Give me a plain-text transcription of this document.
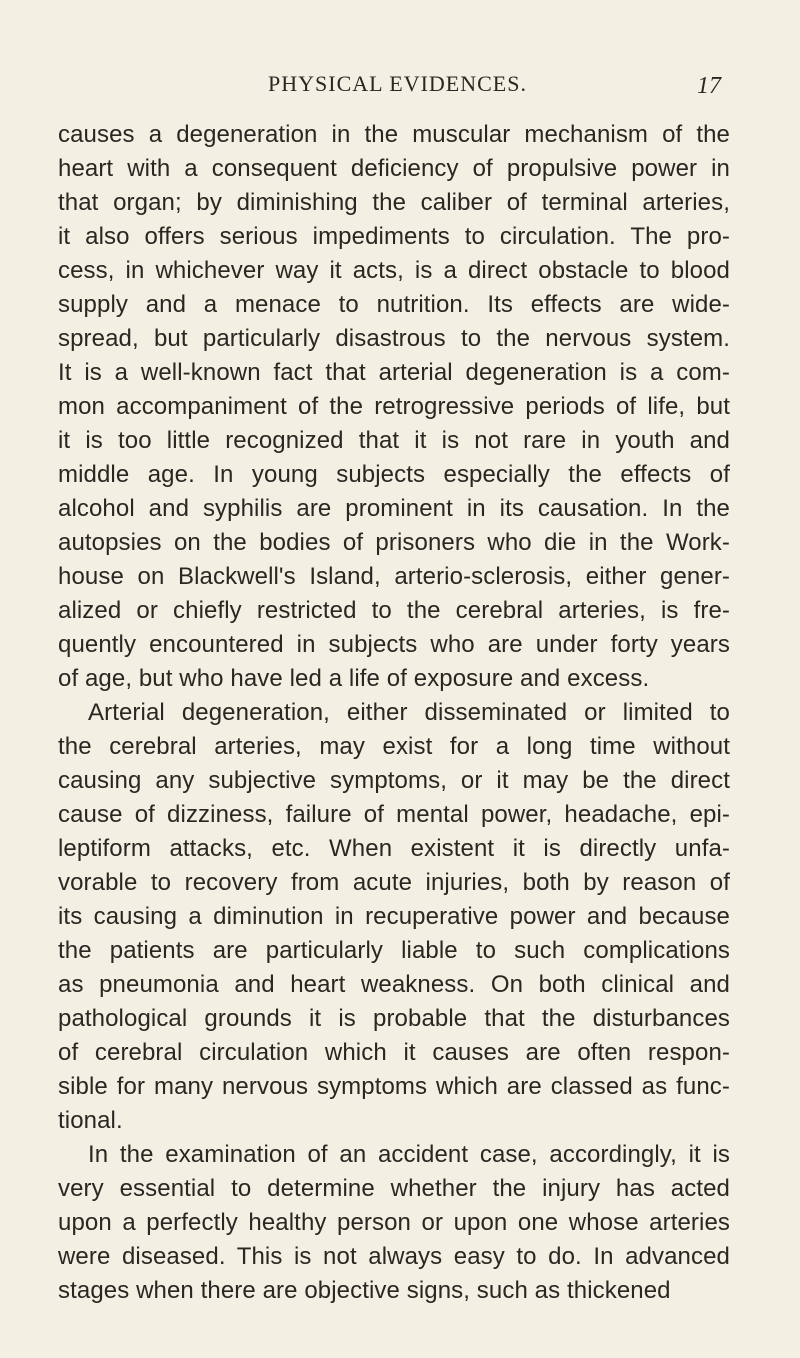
PHYSICAL EVIDENCES.	17
causes a degeneration in the muscular mechanism of the
heart with a consequent deficiency of propulsive power in
that organ; by diminishing the caliber of terminal arteries,
it also offers serious impediments to circulation. The pro-
cess, in whichever way it acts, is a direct obstacle to blood
supply and a menace to nutrition. Its effects are wide-
spread, but particularly disastrous to the nervous system.
It is a well-known fact that arterial degeneration is a com-
mon accompaniment of the retrogressive periods of life, but
it is too little recognized that it is not rare in youth and
middle age. In young subjects especially the effects of
alcohol and syphilis are prominent in its causation. In the
autopsies on the bodies of prisoners who die in the Work-
house on Blackwell's Island, arterio-sclerosis, either gener-
alized or chiefly restricted to the cerebral arteries, is fre-
quently encountered in subjects who are under forty years
of age, but who have led a life of exposure and excess.
Arterial degeneration, either disseminated or limited to
the cerebral arteries, may exist for a long time without
causing any subjective symptoms, or it may be the direct
cause of dizziness, failure of mental power, headache, epi-
leptiform attacks, etc. When existent it is directly unfa-
vorable to recovery from acute injuries, both by reason of
its causing a diminution in recuperative power and because
the patients are particularly liable to such complications
as pneumonia and heart weakness. On both clinical and
pathological grounds it is probable that the disturbances
of cerebral circulation which it causes are often respon-
sible for many nervous symptoms which are classed as func-
tional.
In the examination of an accident case, accordingly, it is
very essential to determine whether the injury has acted
upon a perfectly healthy person or upon one whose arteries
were diseased. This is not always easy to do. In advanced
stages when there are objective signs, such as thickened
